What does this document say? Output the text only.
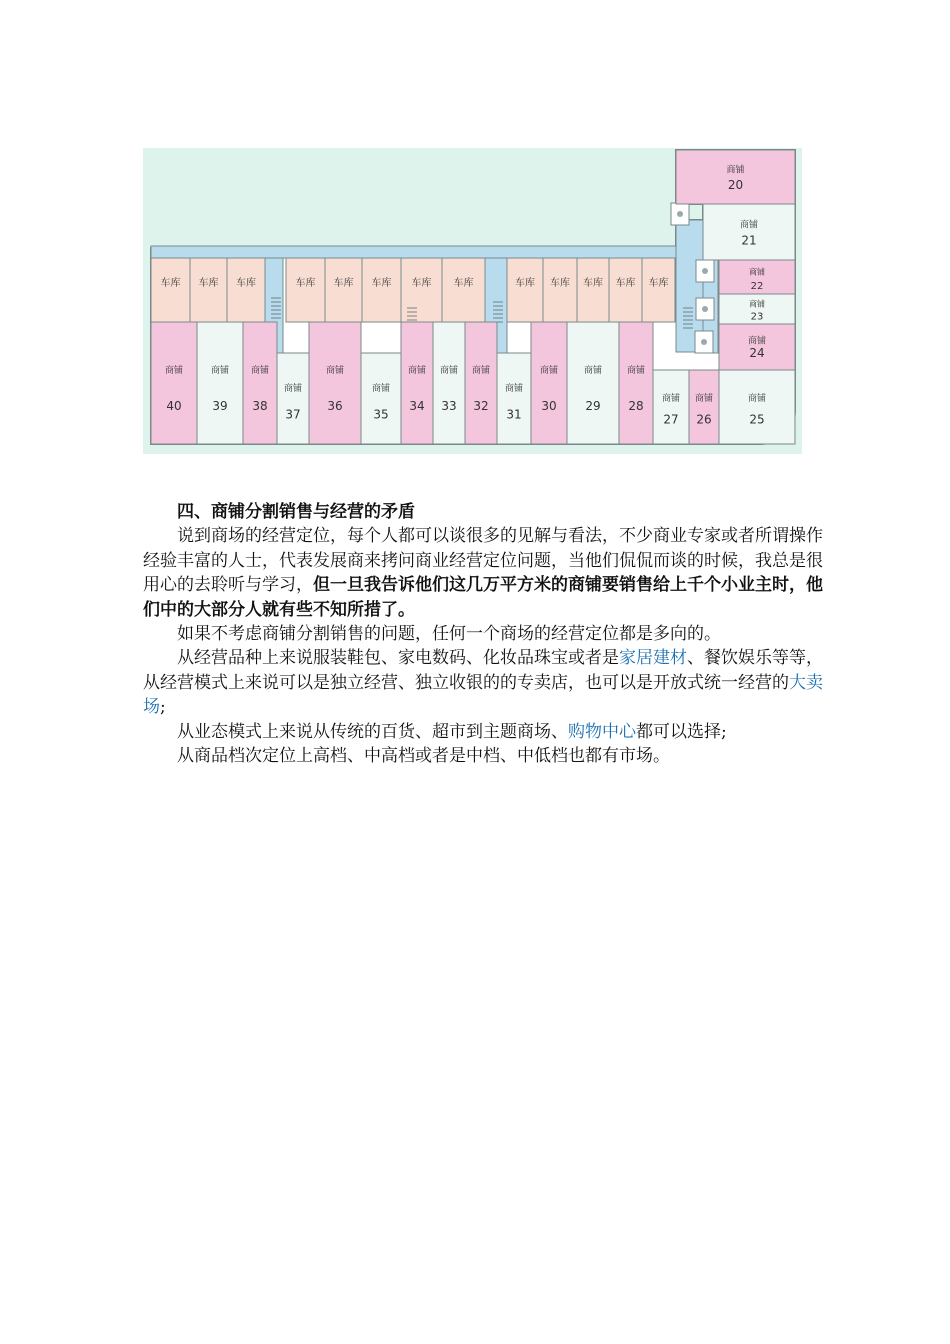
车库 车库 车库	车库 车库 车库 车库 车库	车库 车库 车库 车库 车库
商铺
20
商铺
21
商铺
22
商铺
23
商铺
24
商铺
25
商铺
26
商铺
27
商铺
28
商铺
29
商铺
30
商铺
31
商铺
32
商铺
33
商铺
34
商铺
35
商铺
36
商铺
37
商铺
38
商铺
39
商铺
40
四、商铺分割销售与经营的矛盾

说到商场的经营定位，每个人都可以谈很多的见解与看法，不少商业专家或者所谓操作经验丰富的人士，代表发展商来拷问商业经营定位问题，当他们侃侃而谈的时候，我总是很用心的去聆听与学习，但一旦我告诉他们这几万平方米的商铺要销售给上千个小业主时，他们中的大部分人就有些不知所措了。

如果不考虑商铺分割销售的问题，任何一个商场的经营定位都是多向的。

从经营品种上来说服装鞋包、家电数码、化妆品珠宝或者是家居建材、餐饮娱乐等等，从经营模式上来说可以是独立经营、独立收银的的专卖店，也可以是开放式统一经营的大卖场;

从业态模式上来说从传统的百货、超市到主题商场、购物中心都可以选择;

从商品档次定位上高档、中高档或者是中档、中低档也都有市场。
